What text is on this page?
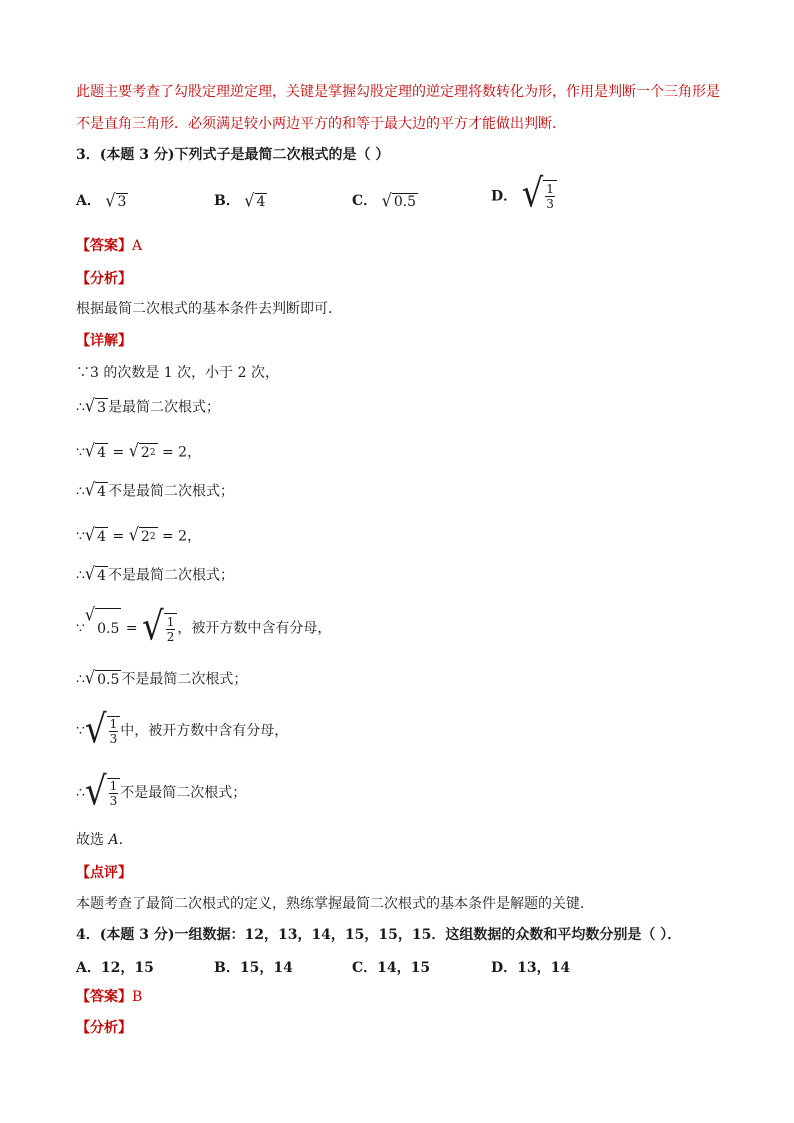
此题主要考查了勾股定理逆定理，关键是掌握勾股定理的逆定理将数转化为形，作用是判断一个三角形是
不是直角三角形．必须满足较小两边平方的和等于最大边的平方才能做出判断．
3．(本题 3 分)下列式子是最简二次根式的是（ ）
A． √ 3	B． √ 4	C． √ 0.5	D． √ $\frac{1}{3}$
【答案】A
【分析】
根据最简二次根式的基本条件去判断即可．
【详解】
∵3 的次数是 1 次，小于 2 次，
∴ √ 3 是最简二次根式；
∵ √ 4 = √ 2 2 = 2，
∴ √ 4 不是最简二次根式；
∵ √ 4 = √ 2 2 = 2，
∴ √ 4 不是最简二次根式；
∵
√
0.5 = √ $\frac{1}{2}$ ，被开方数中含有分母，
∴ √ 0.5 不是最简二次根式；
∵ √ $\frac{1}{3}$ 中，被开方数中含有分母，
∴ √ $\frac{1}{3}$ 不是最简二次根式；
故选 A．
【点评】
本题考查了最简二次根式的定义，熟练掌握最简二次根式的基本条件是解题的关键．
4．(本题 3 分)一组数据：12，13，14，15，15，15．这组数据的众数和平均数分别是（ ）．
A．12，15	B．15，14	C．14，15	D．13，14
【答案】B
【分析】
